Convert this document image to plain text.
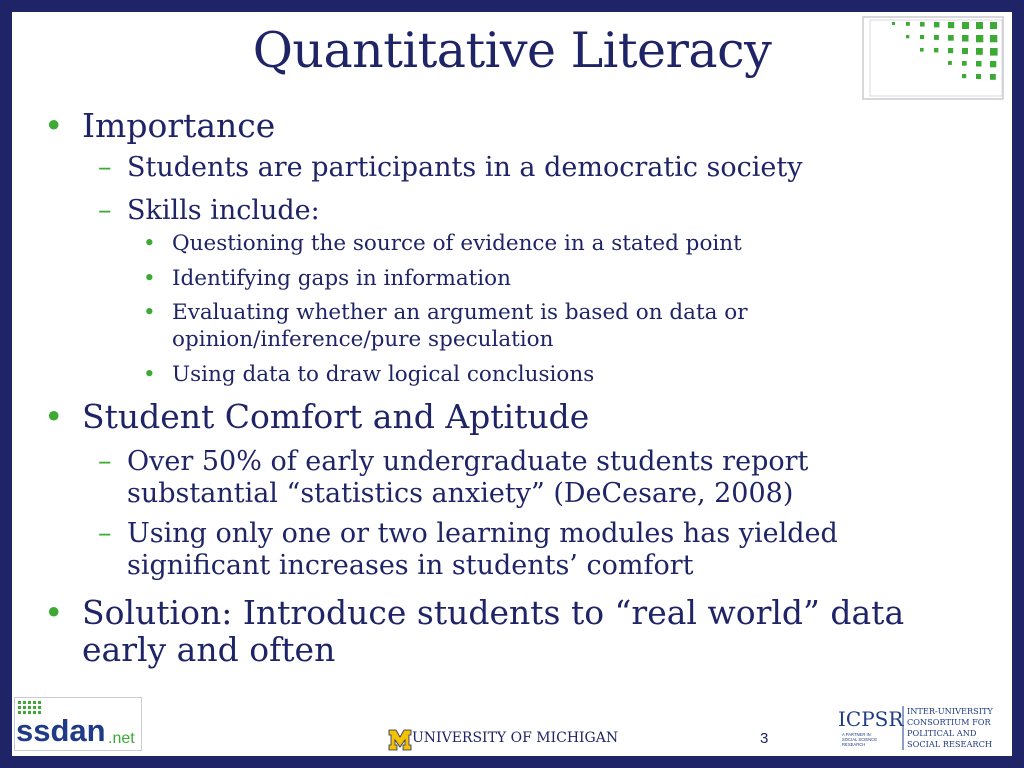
Quantitative Literacy
• Importance
– Students are participants in a democratic society
– Skills include:
• Questioning the source of evidence in a stated point
• Identifying gaps in information
• Evaluating whether an argument is based on data or
opinion/inference/pure speculation
• Using data to draw logical conclusions
• Student Comfort and Aptitude
– Over 50% of early undergraduate students report
substantial “statistics anxiety” (DeCesare, 2008)
– Using only one or two learning modules has yielded
significant increases in students’ comfort
• Solution: Introduce students to “real world” data
early and often
ssdan .net	UNIVERSITY OF MICHIGAN	3
ICPSR
A PARTNER IN
SOCIAL SCIENCE
RESEARCH
INTER-UNIVERSITY
CONSORTIUM FOR
POLITICAL AND
SOCIAL RESEARCH
